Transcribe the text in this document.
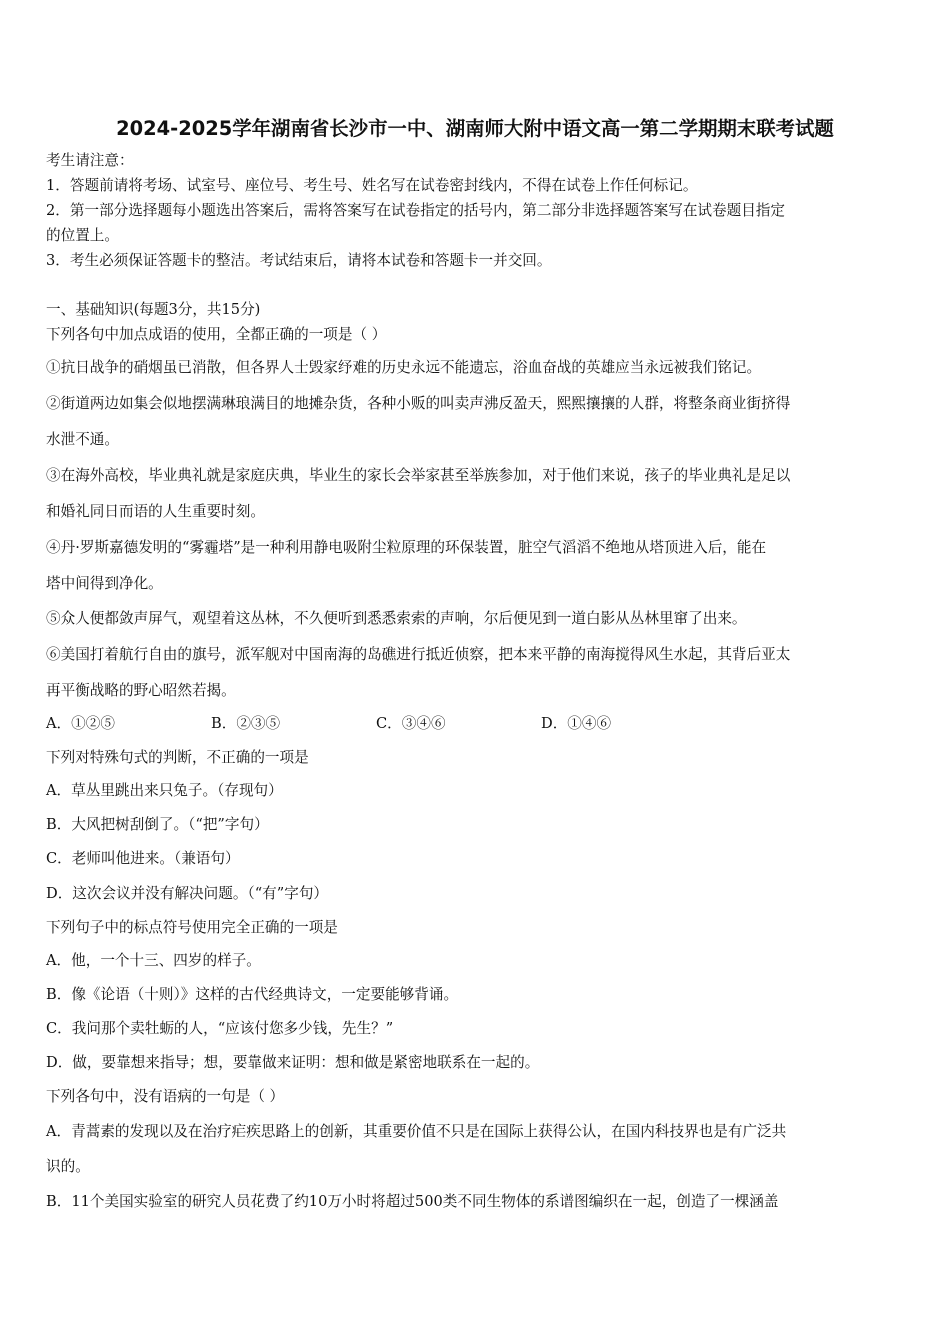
2024-2025学年湖南省长沙市一中、湖南师大附中语文高一第二学期期末联考试题
考生请注意：
1．答题前请将考场、试室号、座位号、考生号、姓名写在试卷密封线内，不得在试卷上作任何标记。
2．第一部分选择题每小题选出答案后，需将答案写在试卷指定的括号内，第二部分非选择题答案写在试卷题目指定
的位置上。
3．考生必须保证答题卡的整洁。考试结束后，请将本试卷和答题卡一并交回。
一、基础知识(每题3分，共15分)
下列各句中加点成语的使用，全都正确的一项是（ ）
①抗日战争的硝烟虽已消散，但各界人士毁家纾难的历史永远不能遗忘，浴血奋战的英雄应当永远被我们铭记。
②街道两边如集会似地摆满琳琅满目的地摊杂货，各种小贩的叫卖声沸反盈天，熙熙攘攘的人群，将整条商业街挤得
水泄不通。
③在海外高校，毕业典礼就是家庭庆典，毕业生的家长会举家甚至举族参加，对于他们来说，孩子的毕业典礼是足以
和婚礼同日而语的人生重要时刻。
④丹·罗斯嘉德发明的“雾霾塔”是一种利用静电吸附尘粒原理的环保装置，脏空气滔滔不绝地从塔顶进入后，能在
塔中间得到净化。
⑤众人便都敛声屏气，观望着这丛林，不久便听到悉悉索索的声响，尔后便见到一道白影从丛林里窜了出来。
⑥美国打着航行自由的旗号，派军舰对中国南海的岛礁进行抵近侦察，把本来平静的南海搅得风生水起，其背后亚太
再平衡战略的野心昭然若揭。
A．①②⑤	B．②③⑤	C．③④⑥	D．①④⑥
下列对特殊句式的判断，不正确的一项是
A．草丛里跳出来只兔子。（存现句）
B．大风把树刮倒了。（“把”字句）
C．老师叫他进来。（兼语句）
D．这次会议并没有解决问题。（“有”字句）
下列句子中的标点符号使用完全正确的一项是
A．他，一个十三、四岁的样子。
B．像《论语（十则）》这样的古代经典诗文，一定要能够背诵。
C．我问那个卖牡蛎的人，“应该付您多少钱，先生？”
D．做，要靠想来指导；想，要靠做来证明：想和做是紧密地联系在一起的。
下列各句中，没有语病的一句是（ ）
A．青蒿素的发现以及在治疗疟疾思路上的创新，其重要价值不只是在国际上获得公认，在国内科技界也是有广泛共
识的。
B．11个美国实验室的研究人员花费了约10万小时将超过500类不同生物体的系谱图编织在一起，创造了一棵涵盖
